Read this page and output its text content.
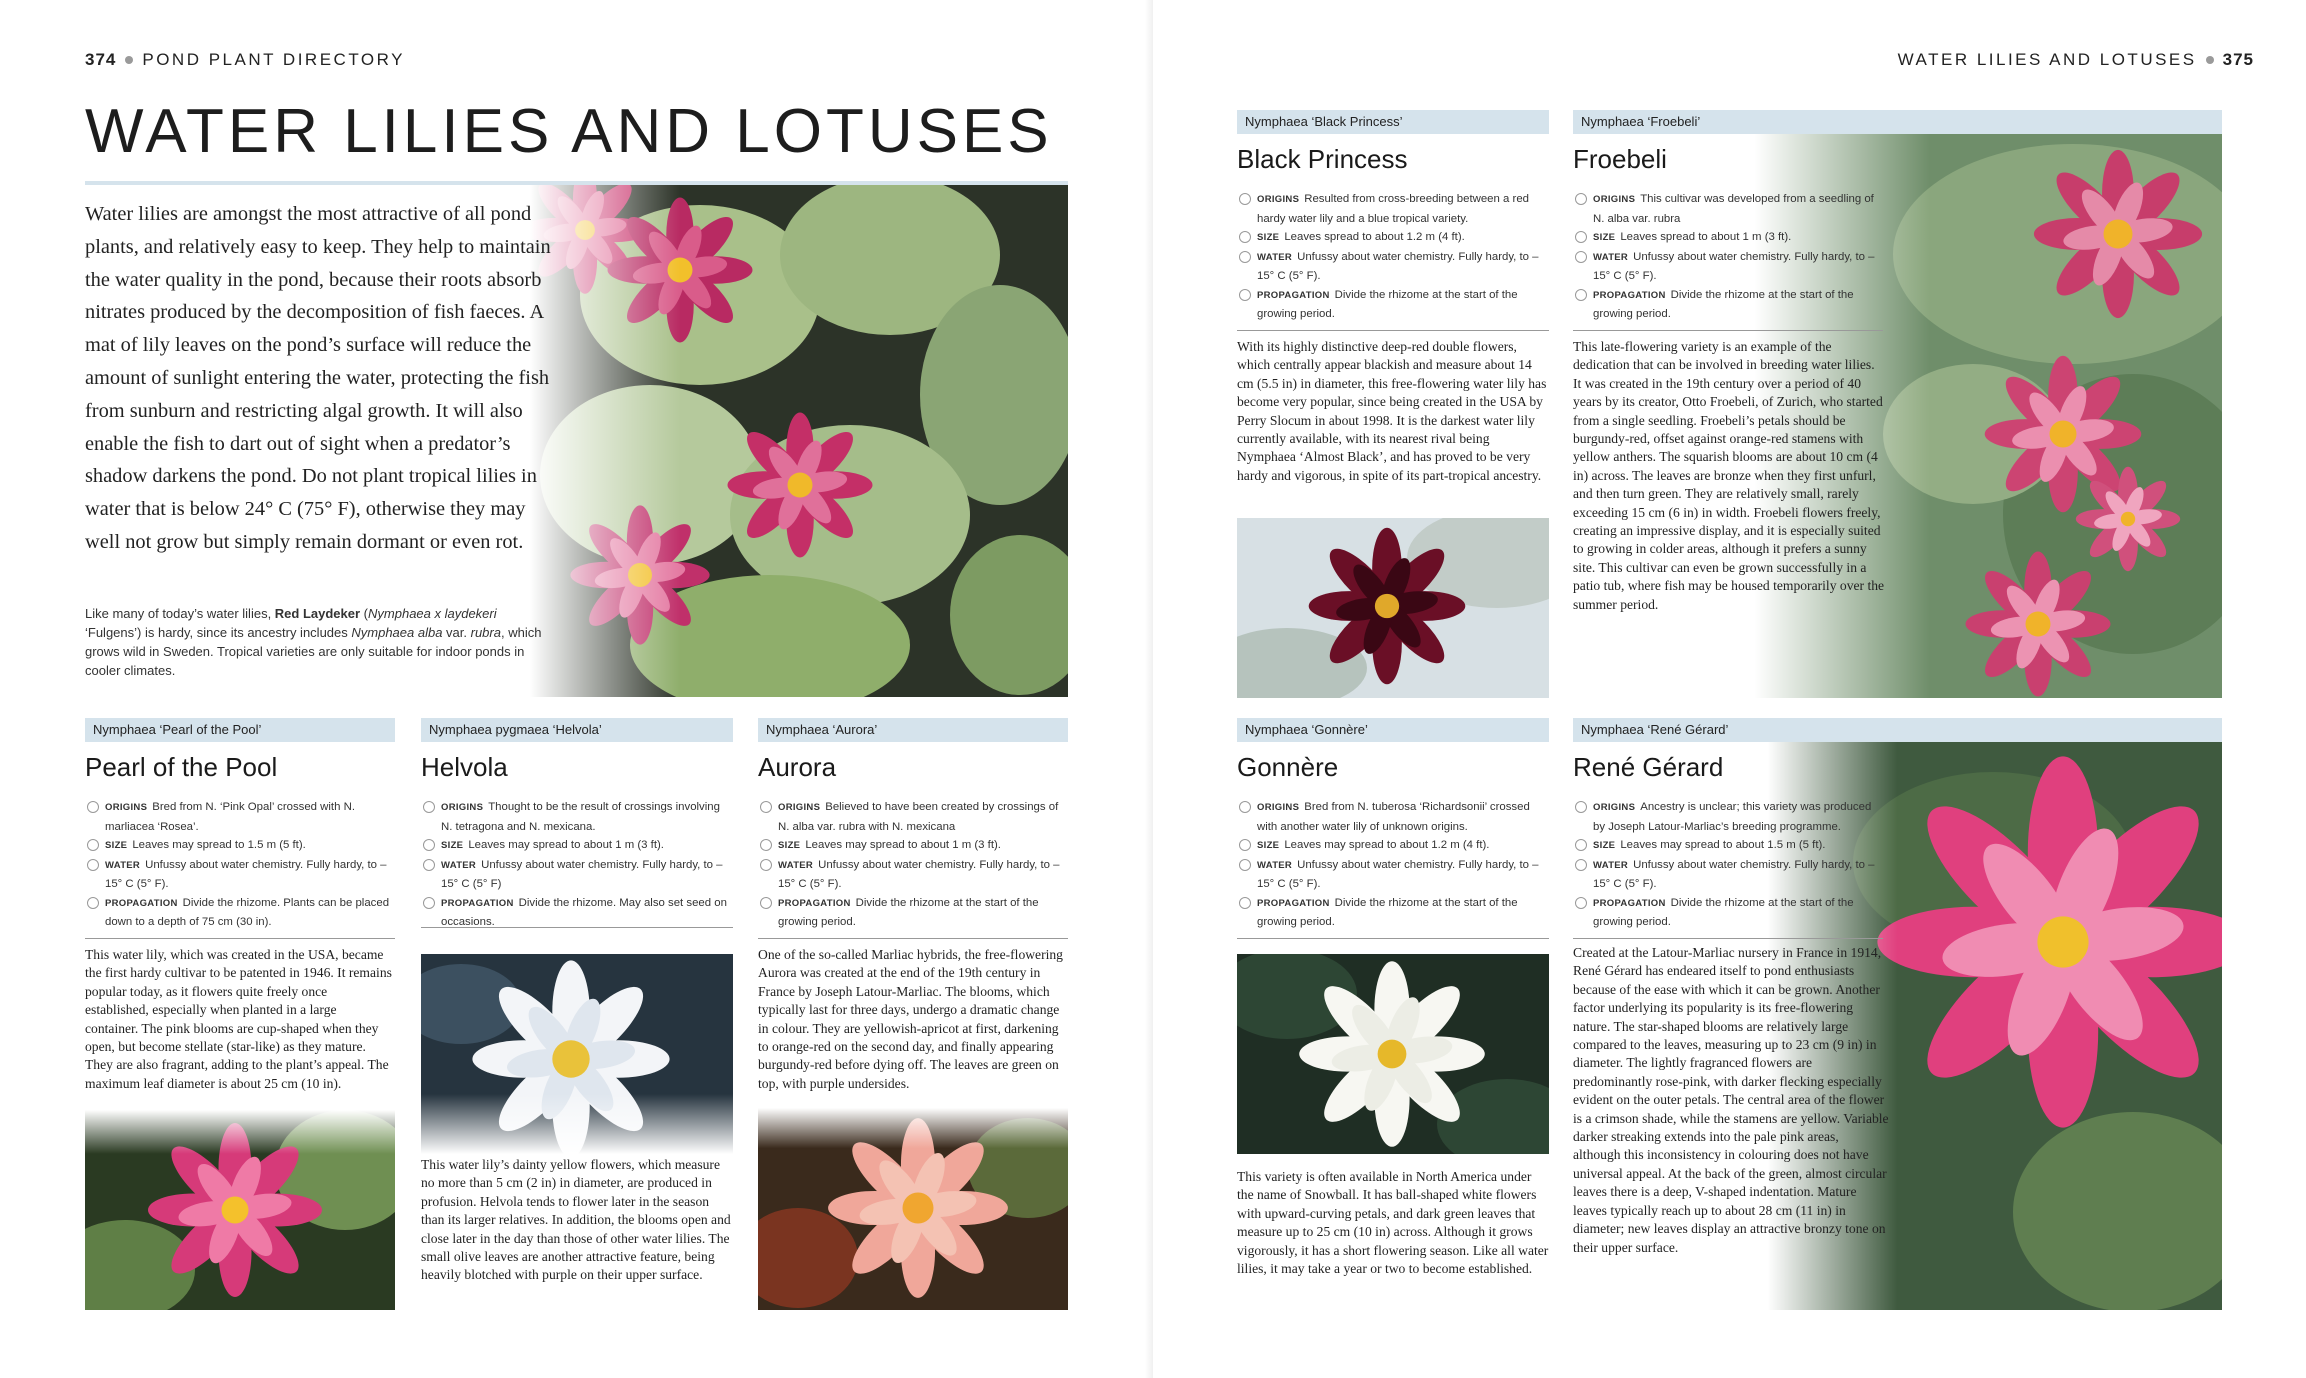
374 POND PLANT DIRECTORY
WATER LILIES AND LOTUSES

Water lilies are amongst the most attractive of all pond plants, and relatively easy to keep. They help to maintain the water quality in the pond, because their roots absorb nitrates produced by the decomposition of fish faeces. A mat of lily leaves on the pond’s surface will reduce the amount of sunlight entering the water, protecting the fish from sunburn and restricting algal growth. It will also enable the fish to dart out of sight when a predator’s shadow darkens the pond. Do not plant tropical lilies in water that is below 24° C (75° F), otherwise they may well not grow but simply remain dormant or even rot.

Like many of today’s water lilies, Red Laydeker (Nymphaea x laydekeri ‘Fulgens’) is hardy, since its ancestry includes Nymphaea alba var. rubra, which grows wild in Sweden. Tropical varieties are only suitable for indoor ponds in cooler climates.

Nymphaea ‘Pearl of the Pool’
Pearl of the Pool
ORIGINS Bred from N. ‘Pink Opal’ crossed with N. marliacea ‘Rosea’.
SIZE Leaves may spread to 1.5 m (5 ft).
WATER Unfussy about water chemistry. Fully hardy, to –15° C (5° F).
PROPAGATION Divide the rhizome. Plants can be placed down to a depth of 75 cm (30 in).

This water lily, which was created in the USA, became the first hardy cultivar to be patented in 1946. It remains popular today, as it flowers quite freely once established, especially when planted in a large container. The pink blooms are cup-shaped when they open, but become stellate (star-like) as they mature. They are also fragrant, adding to the plant’s appeal. The maximum leaf diameter is about 25 cm (10 in).

Nymphaea pygmaea ‘Helvola’
Helvola
ORIGINS Thought to be the result of crossings involving N. tetragona and N. mexicana.
SIZE Leaves may spread to about 1 m (3 ft).
WATER Unfussy about water chemistry. Fully hardy, to –15° C (5° F)
PROPAGATION Divide the rhizome. May also set seed on occasions.

This water lily’s dainty yellow flowers, which measure no more than 5 cm (2 in) in diameter, are produced in profusion. Helvola tends to flower later in the season than its larger relatives. In addition, the blooms open and close later in the day than those of other water lilies. The small olive leaves are another attractive feature, being heavily blotched with purple on their upper surface.

Nymphaea ‘Aurora’
Aurora
ORIGINS Believed to have been created by crossings of N. alba var. rubra with N. mexicana
SIZE Leaves may spread to about 1 m (3 ft).
WATER Unfussy about water chemistry. Fully hardy, to –15° C (5° F).
PROPAGATION Divide the rhizome at the start of the growing period.

One of the so-called Marliac hybrids, the free-flowering Aurora was created at the end of the 19th century in France by Joseph Latour-Marliac. The blooms, which typically last for three days, undergo a dramatic change in colour. They are yellowish-apricot at first, darkening to orange-red on the second day, and finally appearing burgundy-red before dying off. The leaves are green on top, with purple undersides.

WATER LILIES AND LOTUSES 375
Nymphaea ‘Black Princess’
Black Princess
ORIGINS Resulted from cross-breeding between a red hardy water lily and a blue tropical variety.
SIZE Leaves spread to about 1.2 m (4 ft).
WATER Unfussy about water chemistry. Fully hardy, to –15° C (5° F).
PROPAGATION Divide the rhizome at the start of the growing period.

With its highly distinctive deep-red double flowers, which centrally appear blackish and measure about 14 cm (5.5 in) in diameter, this free-flowering water lily has become very popular, since being created in the USA by Perry Slocum in about 1998. It is the darkest water lily currently available, with its nearest rival being Nymphaea ‘Almost Black’, and has proved to be very hardy and vigorous, in spite of its part-tropical ancestry.

Nymphaea ‘Froebeli’
Froebeli
ORIGINS This cultivar was developed from a seedling of N. alba var. rubra
SIZE Leaves spread to about 1 m (3 ft).
WATER Unfussy about water chemistry. Fully hardy, to –15° C (5° F).
PROPAGATION Divide the rhizome at the start of the growing period.

This late-flowering variety is an example of the dedication that can be involved in breeding water lilies. It was created in the 19th century over a period of 40 years by its creator, Otto Froebeli, of Zurich, who started from a single seedling. Froebeli’s petals should be burgundy-red, offset against orange-red stamens with yellow anthers. The squarish blooms are about 10 cm (4 in) across. The leaves are bronze when they first unfurl, and then turn green. They are relatively small, rarely exceeding 15 cm (6 in) in width. Froebeli flowers freely, creating an impressive display, and it is especially suited to growing in colder areas, although it prefers a sunny site. This cultivar can even be grown successfully in a patio tub, where fish may be housed temporarily over the summer period.

Nymphaea ‘Gonnère’
Gonnère
ORIGINS Bred from N. tuberosa ‘Richardsonii’ crossed with another water lily of unknown origins.
SIZE Leaves may spread to about 1.2 m (4 ft).
WATER Unfussy about water chemistry. Fully hardy, to –15° C (5° F).
PROPAGATION Divide the rhizome at the start of the growing period.

This variety is often available in North America under the name of Snowball. It has ball-shaped white flowers with upward-curving petals, and dark green leaves that measure up to 25 cm (10 in) across. Although it grows vigorously, it has a short flowering season. Like all water lilies, it may take a year or two to become established.

Nymphaea ‘René Gérard’
René Gérard
ORIGINS Ancestry is unclear; this variety was produced by Joseph Latour-Marliac’s breeding programme.
SIZE Leaves may spread to about 1.5 m (5 ft).
WATER Unfussy about water chemistry. Fully hardy, to –15° C (5° F).
PROPAGATION Divide the rhizome at the start of the growing period.

Created at the Latour-Marliac nursery in France in 1914, René Gérard has endeared itself to pond enthusiasts because of the ease with which it can be grown. Another factor underlying its popularity is its free-flowering nature. The star-shaped blooms are relatively large compared to the leaves, measuring up to 23 cm (9 in) in diameter. The lightly fragranced flowers are predominantly rose-pink, with darker flecking especially evident on the outer petals. The central area of the flower is a crimson shade, while the stamens are yellow. Variable darker streaking extends into the pale pink areas, although this inconsistency in colouring does not have universal appeal. At the back of the green, almost circular leaves there is a deep, V-shaped indentation. Mature leaves typically reach up to about 28 cm (11 in) in diameter; new leaves display an attractive bronzy tone on their upper surface.
